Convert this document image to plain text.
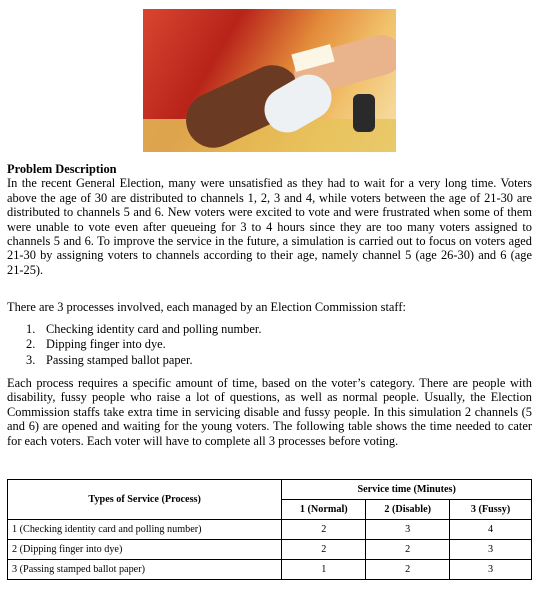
Problem Description
In the recent General Election, many were unsatisfied as they had to wait for a very long time. Voters above the age of 30 are distributed to channels 1, 2, 3 and 4, while voters between the age of 21-30 are distributed to channels 5 and 6. New voters were excited to vote and were frustrated when some of them were unable to vote even after queueing for 3 to 4 hours since they are too many voters assigned to channels 5 and 6. To improve the service in the future, a simulation is carried out to focus on voters aged 21-30 by assigning voters to channels according to their age, namely channel 5 (age 26-30) and 6 (age 21-25).
There are 3 processes involved, each managed by an Election Commission staff:
1. Checking identity card and polling number.
2. Dipping finger into dye.
3. Passing stamped ballot paper.
Each process requires a specific amount of time, based on the voter’s category. There are people with disability, fussy people who raise a lot of questions, as well as normal people. Usually, the Election Commission staffs take extra time in servicing disable and fussy people. In this simulation 2 channels (5 and 6) are opened and waiting for the young voters. The following table shows the time needed to cater for each voters. Each voter will have to complete all 3 processes before voting.
Types of Service (Process)	Service time (Minutes)		
	1 (Normal)	2 (Disable)	3 (Fussy)
1 (Checking identity card and polling number)	2	3	4
2 (Dipping finger into dye)	2	2	3
3 (Passing stamped ballot paper)	1	2	3
